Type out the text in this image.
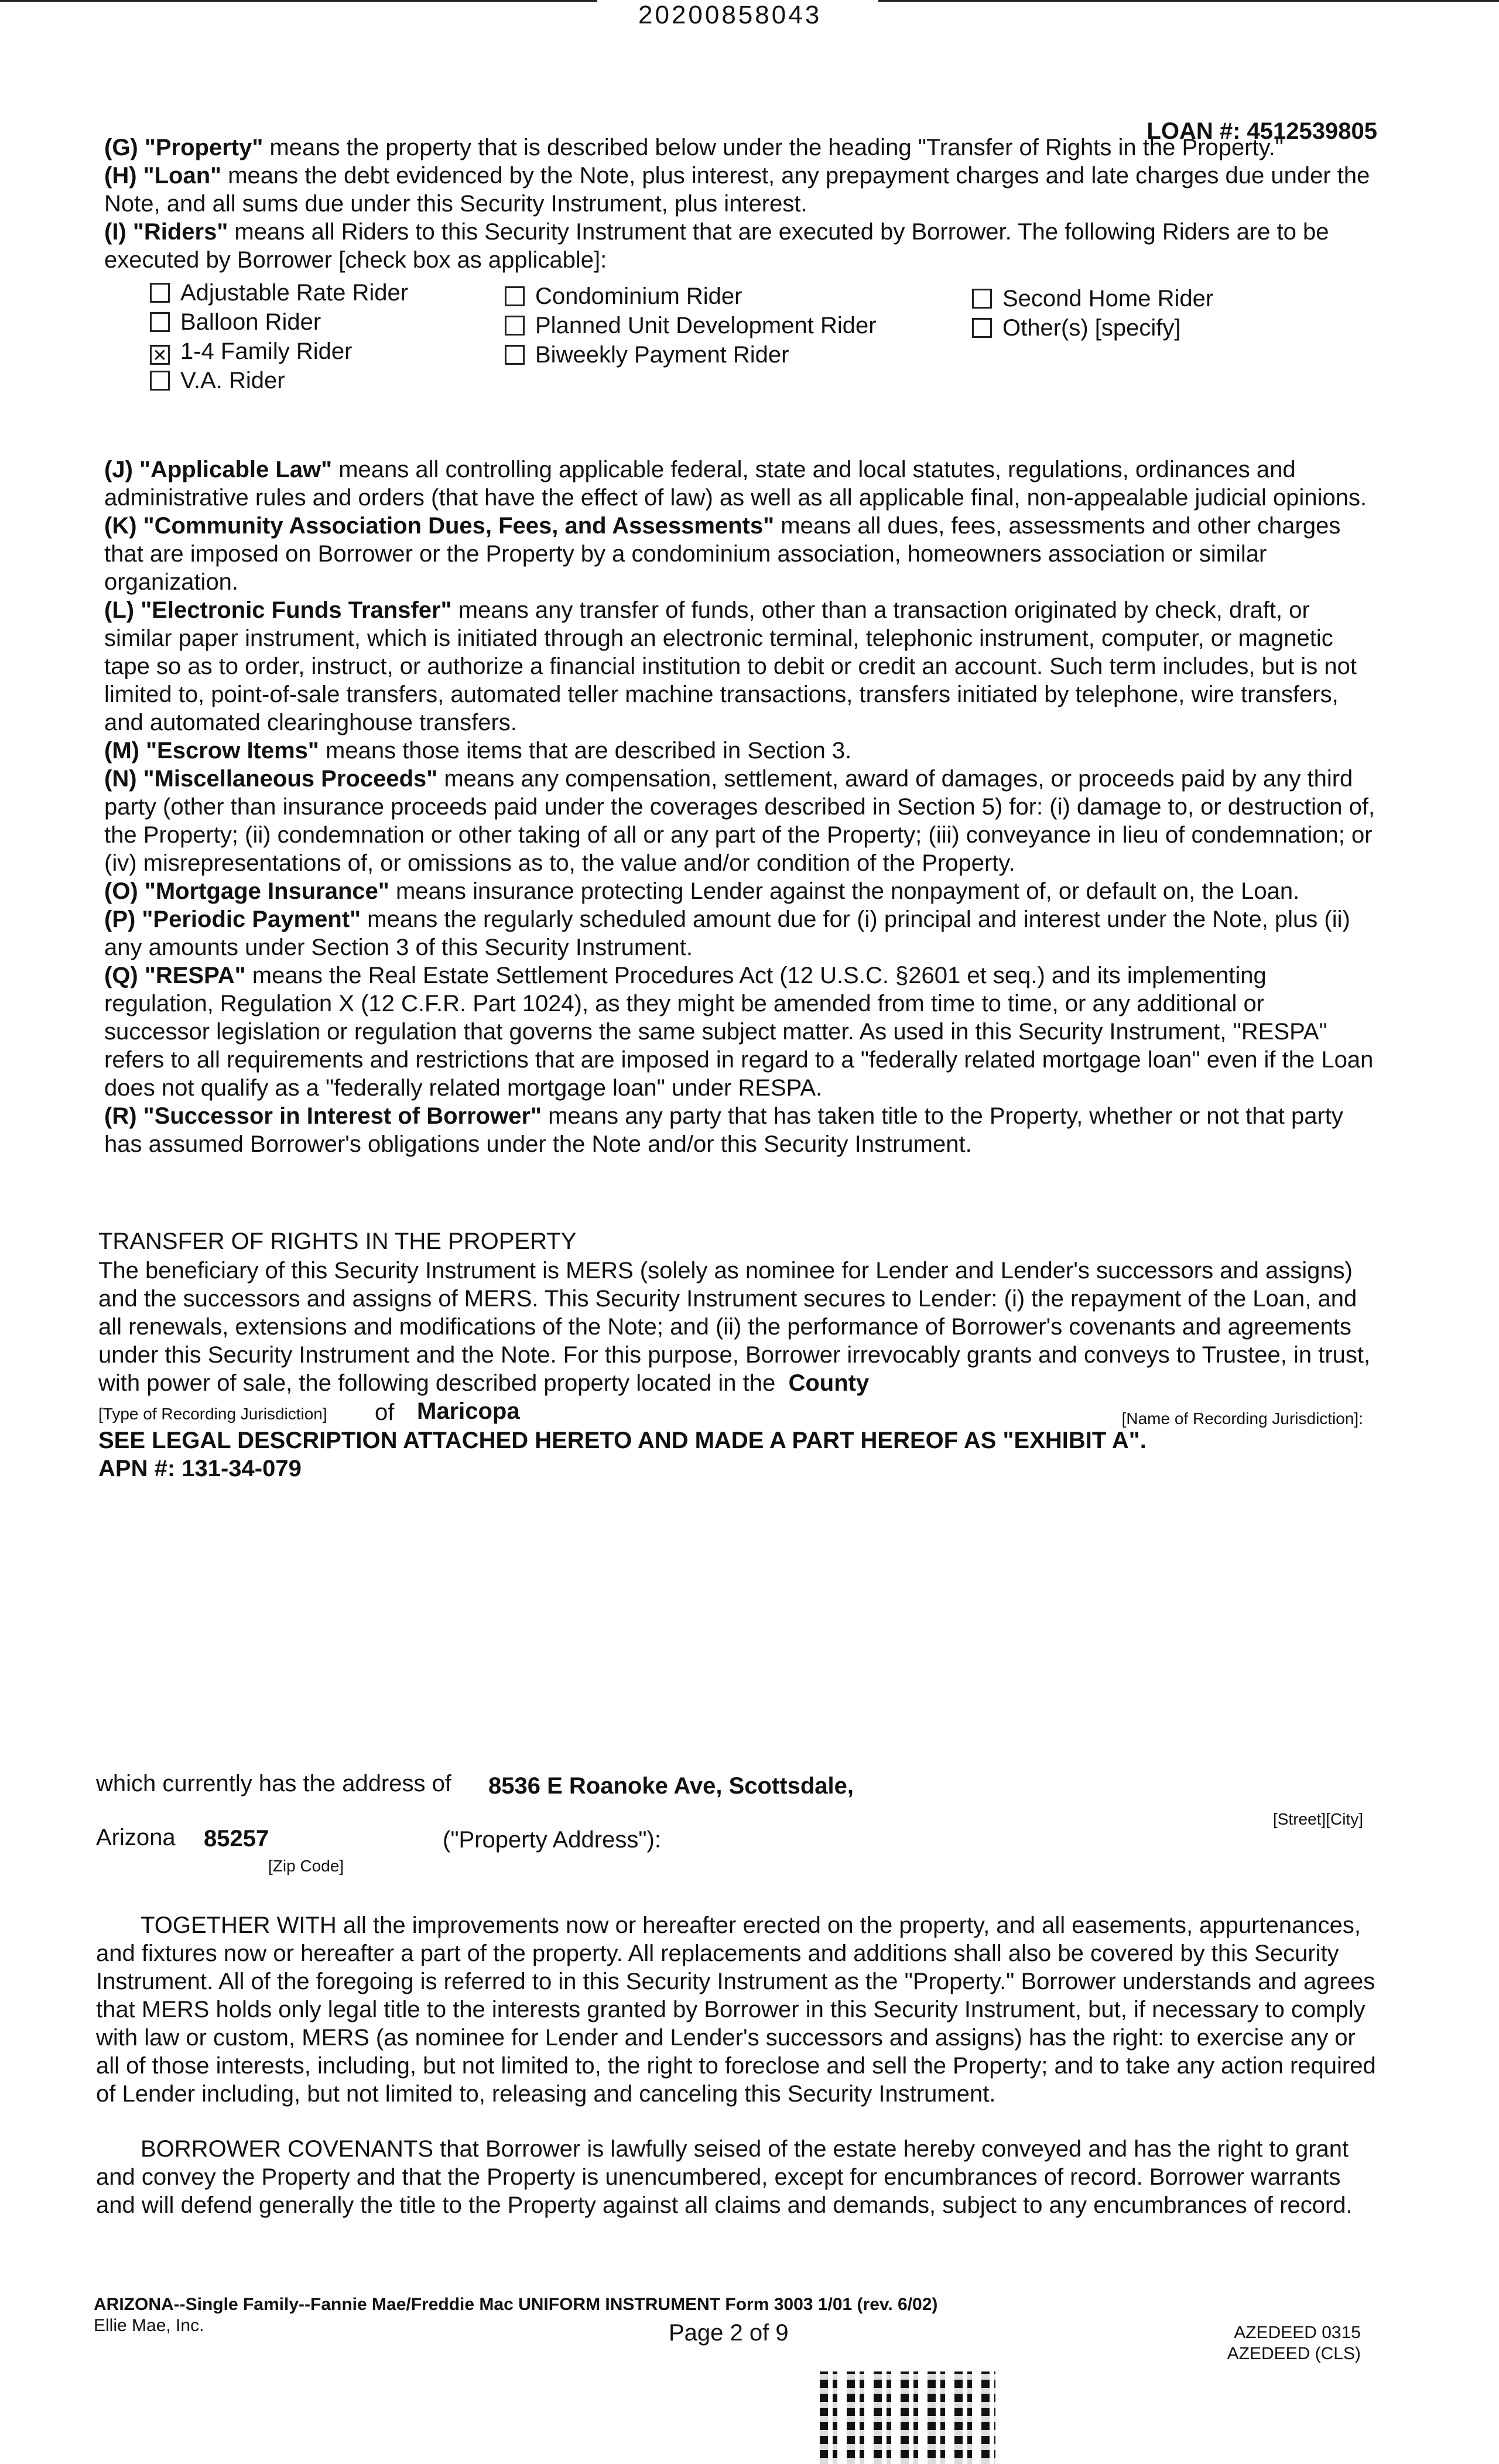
20200858043
LOAN #: 4512539805

(G) "Property" means the property that is described below under the heading "Transfer of Rights in the Property."

(H) "Loan" means the debt evidenced by the Note, plus interest, any prepayment charges and late charges due under the Note, and all sums due under this Security Instrument, plus interest.

(I) "Riders" means all Riders to this Security Instrument that are executed by Borrower. The following Riders are to be executed by Borrower [check box as applicable]:

Adjustable Rate Rider
Balloon Rider
✕ 1-4 Family Rider
V.A. Rider
Condominium Rider
Planned Unit Development Rider
Biweekly Payment Rider
Second Home Rider
Other(s) [specify]

(J) "Applicable Law" means all controlling applicable federal, state and local statutes, regulations, ordinances and administrative rules and orders (that have the effect of law) as well as all applicable final, non-appealable judicial opinions.

(K) "Community Association Dues, Fees, and Assessments" means all dues, fees, assessments and other charges that are imposed on Borrower or the Property by a condominium association, homeowners association or similar organization.

(L) "Electronic Funds Transfer" means any transfer of funds, other than a transaction originated by check, draft, or similar paper instrument, which is initiated through an electronic terminal, telephonic instrument, computer, or magnetic tape so as to order, instruct, or authorize a financial institution to debit or credit an account. Such term includes, but is not limited to, point-of-sale transfers, automated teller machine transactions, transfers initiated by telephone, wire transfers, and automated clearinghouse transfers.

(M) "Escrow Items" means those items that are described in Section 3.

(N) "Miscellaneous Proceeds" means any compensation, settlement, award of damages, or proceeds paid by any third party (other than insurance proceeds paid under the coverages described in Section 5) for: (i) damage to, or destruction of, the Property; (ii) condemnation or other taking of all or any part of the Property; (iii) conveyance in lieu of condemnation; or (iv) misrepresentations of, or omissions as to, the value and/or condition of the Property.

(O) "Mortgage Insurance" means insurance protecting Lender against the nonpayment of, or default on, the Loan.

(P) "Periodic Payment" means the regularly scheduled amount due for (i) principal and interest under the Note, plus (ii) any amounts under Section 3 of this Security Instrument.

(Q) "RESPA" means the Real Estate Settlement Procedures Act (12 U.S.C. §2601 et seq.) and its implementing regulation, Regulation X (12 C.F.R. Part 1024), as they might be amended from time to time, or any additional or successor legislation or regulation that governs the same subject matter. As used in this Security Instrument, "RESPA" refers to all requirements and restrictions that are imposed in regard to a "federally related mortgage loan" even if the Loan does not qualify as a "federally related mortgage loan" under RESPA.

(R) "Successor in Interest of Borrower" means any party that has taken title to the Property, whether or not that party has assumed Borrower's obligations under the Note and/or this Security Instrument.

TRANSFER OF RIGHTS IN THE PROPERTY
The beneficiary of this Security Instrument is MERS (solely as nominee for Lender and Lender's successors and assigns) and the successors and assigns of MERS. This Security Instrument secures to Lender: (i) the repayment of the Loan, and all renewals, extensions and modifications of the Note; and (ii) the performance of Borrower's covenants and agreements under this Security Instrument and the Note. For this purpose, Borrower irrevocably grants and conveys to Trustee, in trust, with power of sale, the following described property located in the County
[Type of Recording Jurisdiction] of Maricopa	[Name of Recording Jurisdiction]:
SEE LEGAL DESCRIPTION ATTACHED HERETO AND MADE A PART HEREOF AS "EXHIBIT A".
APN #: 131-34-079
which currently has the address of 8536 E Roanoke Ave, Scottsdale,
[Street][City]
Arizona 85257
[Zip Code]
("Property Address"):
TOGETHER WITH all the improvements now or hereafter erected on the property, and all easements, appurtenances, and fixtures now or hereafter a part of the property. All replacements and additions shall also be covered by this Security Instrument. All of the foregoing is referred to in this Security Instrument as the "Property." Borrower understands and agrees that MERS holds only legal title to the interests granted by Borrower in this Security Instrument, but, if necessary to comply with law or custom, MERS (as nominee for Lender and Lender's successors and assigns) has the right: to exercise any or all of those interests, including, but not limited to, the right to foreclose and sell the Property; and to take any action required of Lender including, but not limited to, releasing and canceling this Security Instrument.
BORROWER COVENANTS that Borrower is lawfully seised of the estate hereby conveyed and has the right to grant and convey the Property and that the Property is unencumbered, except for encumbrances of record. Borrower warrants and will defend generally the title to the Property against all claims and demands, subject to any encumbrances of record.
ARIZONA--Single Family--Fannie Mae/Freddie Mac UNIFORM INSTRUMENT Form 3003 1/01 (rev. 6/02)
Ellie Mae, Inc.	Page 2 of 9	AZEDEED 0315
AZEDEED (CLS)
